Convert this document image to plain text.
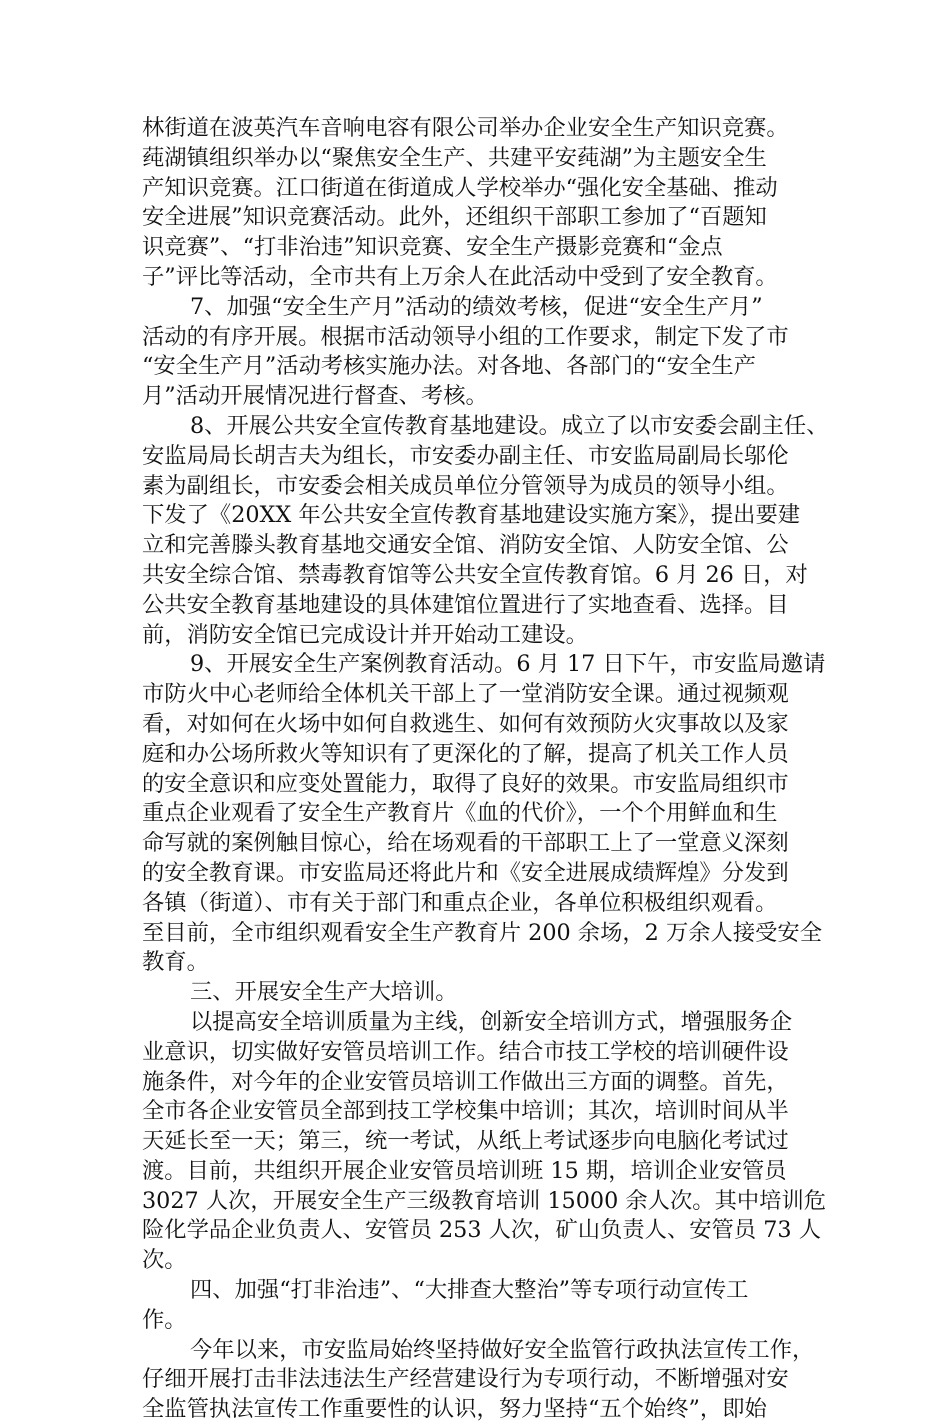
林街道在波英汽车音响电容有限公司举办企业安全生产知识竞赛。
莼湖镇组织举办以“聚焦安全生产、共建平安莼湖”为主题安全生
产知识竞赛。江口街道在街道成人学校举办“强化安全基础、推动
安全进展”知识竞赛活动。此外，还组织干部职工参加了“百题知
识竞赛”、“打非治违”知识竞赛、安全生产摄影竞赛和“金点
子”评比等活动，全市共有上万余人在此活动中受到了安全教育。
7、加强“安全生产月”活动的绩效考核，促进“安全生产月”
活动的有序开展。根据市活动领导小组的工作要求，制定下发了市
“安全生产月”活动考核实施办法。对各地、各部门的“安全生产
月”活动开展情况进行督查、考核。
8、开展公共安全宣传教育基地建设。成立了以市安委会副主任、
安监局局长胡吉夫为组长，市安委办副主任、市安监局副局长邬伦
素为副组长，市安委会相关成员单位分管领导为成员的领导小组。
下发了《20XX 年公共安全宣传教育基地建设实施方案》，提出要建
立和完善滕头教育基地交通安全馆、消防安全馆、人防安全馆、公
共安全综合馆、禁毒教育馆等公共安全宣传教育馆。6 月 26 日，对
公共安全教育基地建设的具体建馆位置进行了实地查看、选择。目
前，消防安全馆已完成设计并开始动工建设。
9、开展安全生产案例教育活动。6 月 17 日下午，市安监局邀请
市防火中心老师给全体机关干部上了一堂消防安全课。通过视频观
看，对如何在火场中如何自救逃生、如何有效预防火灾事故以及家
庭和办公场所救火等知识有了更深化的了解，提高了机关工作人员
的安全意识和应变处置能力，取得了良好的效果。市安监局组织市
重点企业观看了安全生产教育片《血的代价》，一个个用鲜血和生
命写就的案例触目惊心，给在场观看的干部职工上了一堂意义深刻
的安全教育课。市安监局还将此片和《安全进展成绩辉煌》分发到
各镇（街道）、市有关于部门和重点企业，各单位积极组织观看。
至目前，全市组织观看安全生产教育片 200 余场，2 万余人接受安全
教育。
三、开展安全生产大培训。
以提高安全培训质量为主线，创新安全培训方式，增强服务企
业意识，切实做好安管员培训工作。结合市技工学校的培训硬件设
施条件，对今年的企业安管员培训工作做出三方面的调整。首先，
全市各企业安管员全部到技工学校集中培训；其次，培训时间从半
天延长至一天；第三，统一考试，从纸上考试逐步向电脑化考试过
渡。目前，共组织开展企业安管员培训班 15 期，培训企业安管员
3027 人次，开展安全生产三级教育培训 15000 余人次。其中培训危
险化学品企业负责人、安管员 253 人次，矿山负责人、安管员 73 人
次。
四、加强“打非治违”、“大排查大整治”等专项行动宣传工
作。
今年以来，市安监局始终坚持做好安全监管行政执法宣传工作，
仔细开展打击非法违法生产经营建设行为专项行动，不断增强对安
全监管执法宣传工作重要性的认识，努力坚持“五个始终”，即始
